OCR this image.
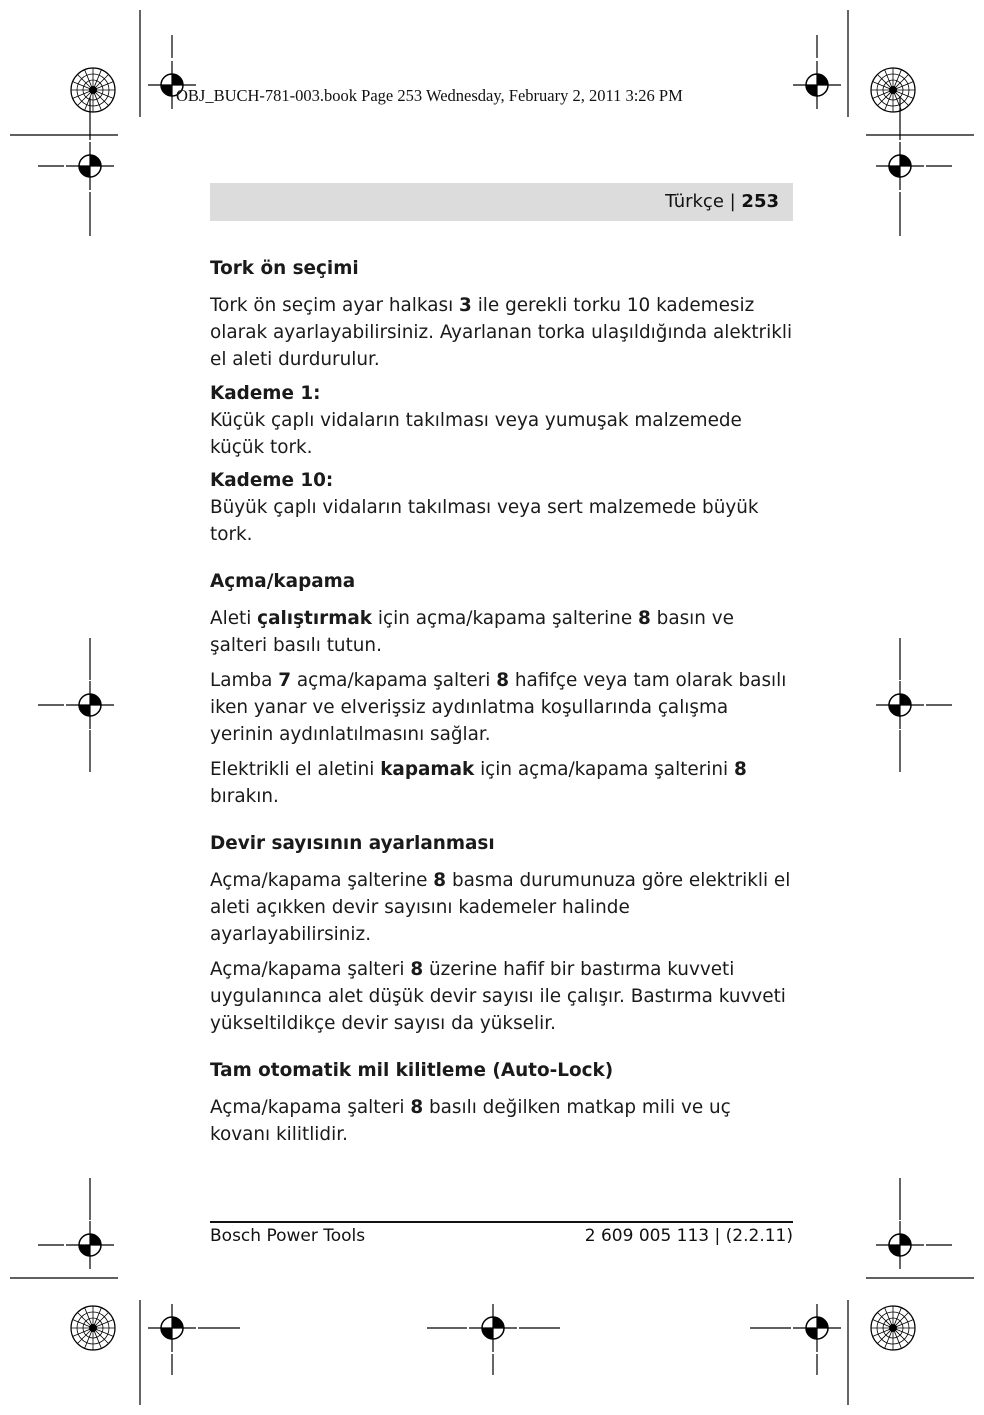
OBJ_BUCH-781-003.book Page 253 Wednesday, February 2, 2011 3:26 PM
Türkçe | 253
Tork ön seçimi

Tork ön seçim ayar halkası 3 ile gerekli torku 10 kademesiz olarak ayarlayabilirsiniz. Ayarlanan torka ulaşıldığında alektrikli el aleti durdurulur.

Kademe 1:

Küçük çaplı vidaların takılması veya yumuşak malzemede küçük tork.

Kademe 10:

Büyük çaplı vidaların takılması veya sert malzemede büyük tork.

Açma/kapama

Aleti çalıştırmak için açma/kapama şalterine 8 basın ve şalteri basılı tutun.

Lamba 7 açma/kapama şalteri 8 hafifçe veya tam olarak basılı iken yanar ve elverişsiz aydınlatma koşullarında çalışma yerinin aydınlatılmasını sağlar.

Elektrikli el aletini kapamak için açma/kapama şalterini 8 bırakın.

Devir sayısının ayarlanması

Açma/kapama şalterine 8 basma durumunuza göre elektrikli el aleti açıkken devir sayısını kademeler halinde ayarlayabilirsiniz.

Açma/kapama şalteri 8 üzerine hafif bir bastırma kuvveti uygulanınca alet düşük devir sayısı ile çalışır. Bastırma kuvveti yükseltildikçe devir sayısı da yükselir.

Tam otomatik mil kilitleme (Auto-Lock)

Açma/kapama şalteri 8 basılı değilken matkap mili ve uç kovanı kilitlidir.

Bosch Power Tools	2 609 005 113 | (2.2.11)
